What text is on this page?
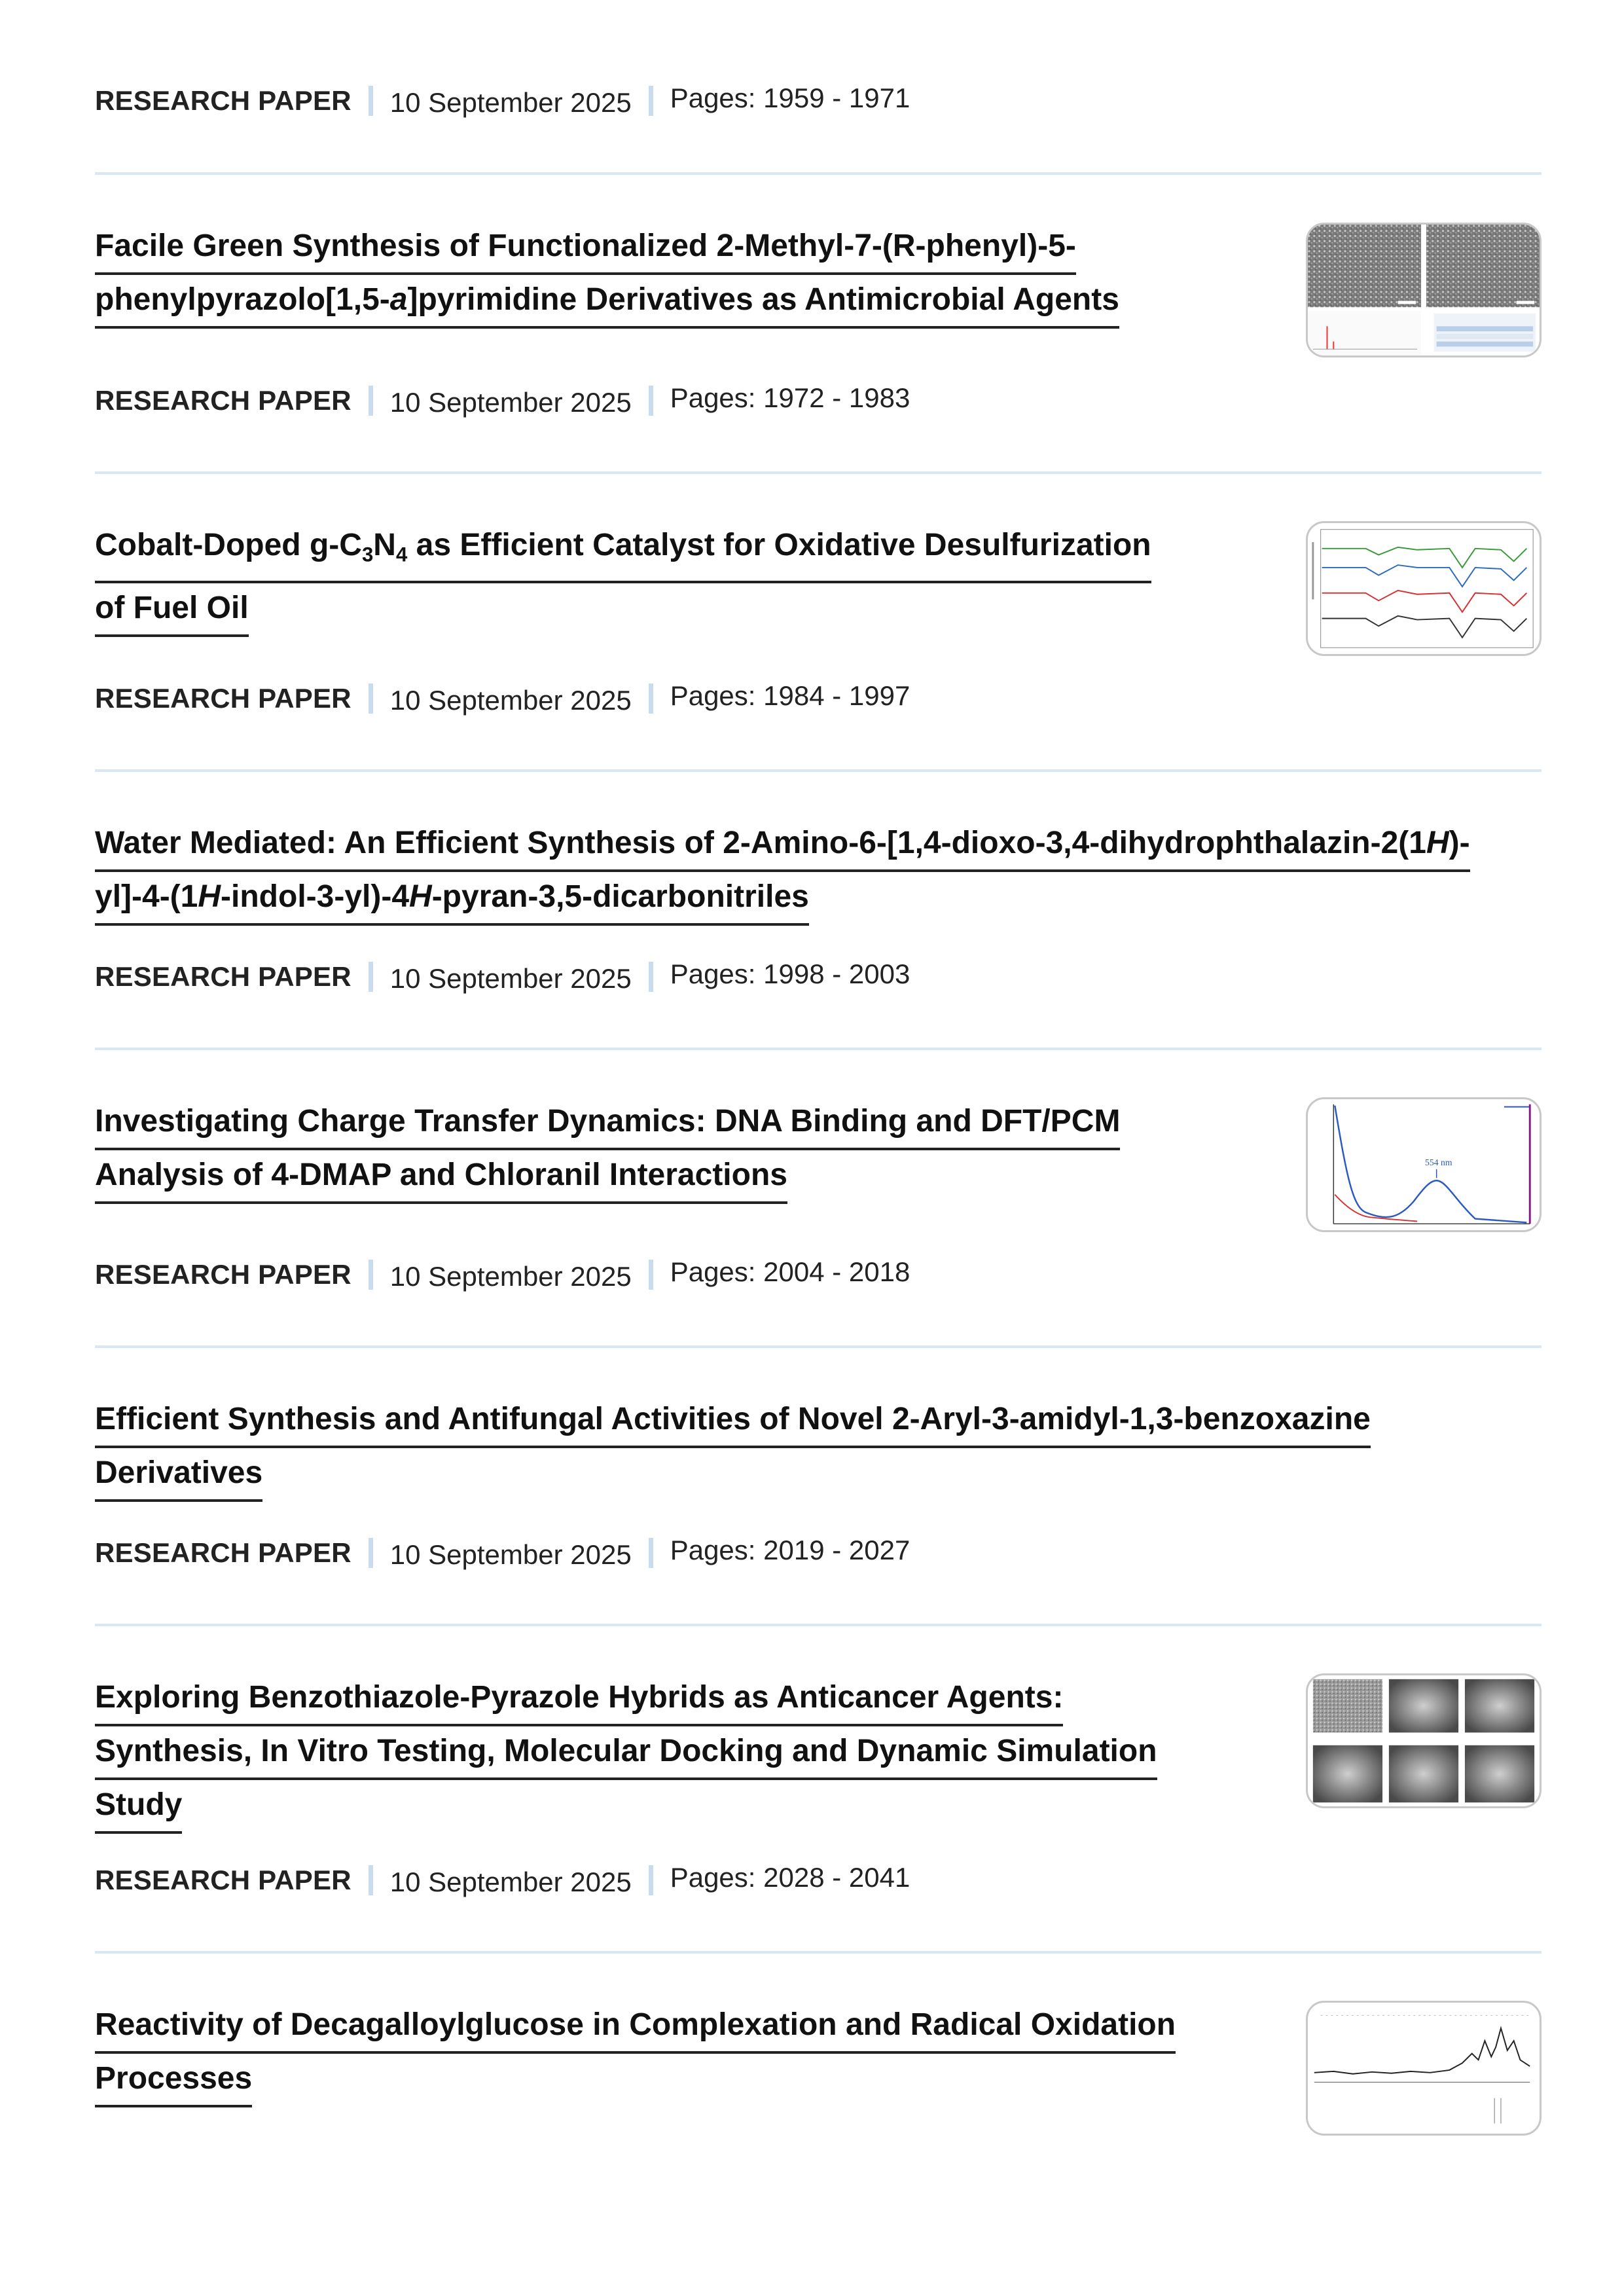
RESEARCH PAPER 10 September 2025 Pages: 1959 - 1971
Facile Green Synthesis of Functionalized 2-Methyl-7-(R-phenyl)-5-
phenylpyrazolo[1,5-a]pyrimidine Derivatives as Antimicrobial Agents
RESEARCH PAPER 10 September 2025 Pages: 1972 - 1983
Cobalt-Doped $g-C_3N_4$ as Efficient Catalyst for Oxidative Desulfurization
of Fuel Oil
RESEARCH PAPER 10 September 2025 Pages: 1984 - 1997
Water Mediated: An Efficient Synthesis of 2-Amino-6-[1,4-dioxo-3,4-dihydrophthalazin-2(1H)-
yl]-4-(1H-indol-3-yl)-4H-pyran-3,5-dicarbonitriles
RESEARCH PAPER 10 September 2025 Pages: 1998 - 2003
Investigating Charge Transfer Dynamics: DNA Binding and DFT/PCM
Analysis of 4-DMAP and Chloranil Interactions	554 nm
RESEARCH PAPER 10 September 2025 Pages: 2004 - 2018
Efficient Synthesis and Antifungal Activities of Novel 2-Aryl-3-amidyl-1,3-benzoxazine
Derivatives
RESEARCH PAPER 10 September 2025 Pages: 2019 - 2027
Exploring Benzothiazole-Pyrazole Hybrids as Anticancer Agents:
Synthesis, In Vitro Testing, Molecular Docking and Dynamic Simulation
Study
RESEARCH PAPER 10 September 2025 Pages: 2028 - 2041
Reactivity of Decagalloylglucose in Complexation and Radical Oxidation
Processes
